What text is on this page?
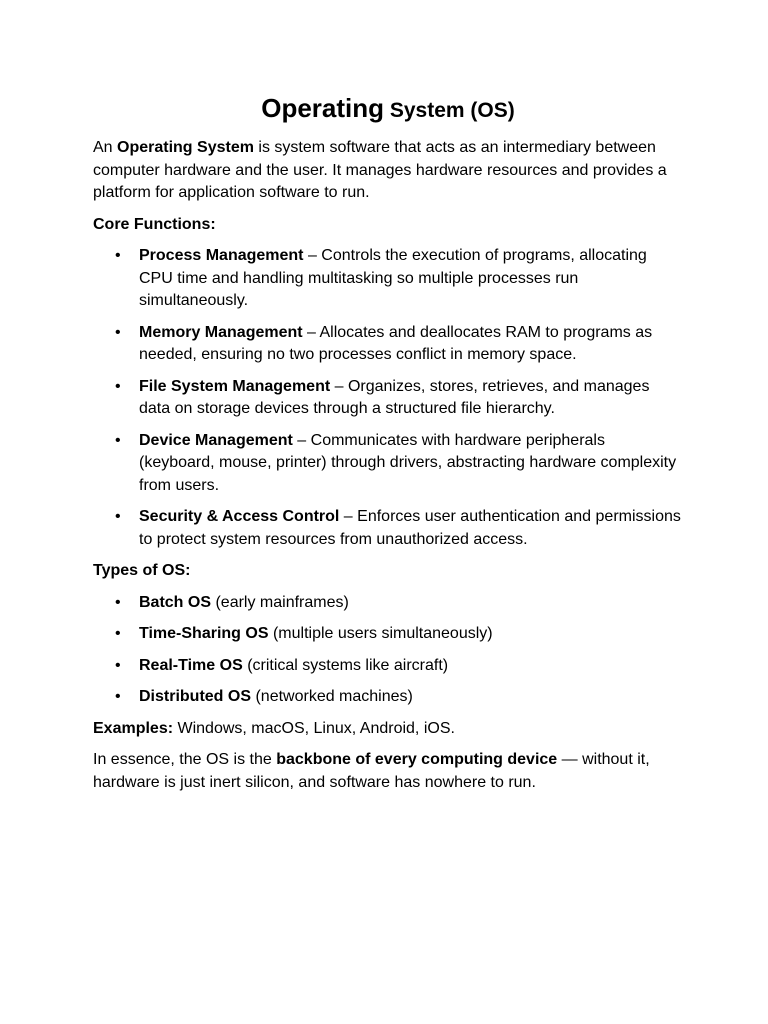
Operating System (OS)

An Operating System is system software that acts as an intermediary between computer hardware and the user. It manages hardware resources and provides a platform for application software to run.

Core Functions:
• Process Management – Controls the execution of programs, allocating CPU time and handling multitasking so multiple processes run simultaneously.
• Memory Management – Allocates and deallocates RAM to programs as needed, ensuring no two processes conflict in memory space.
• File System Management – Organizes, stores, retrieves, and manages data on storage devices through a structured file hierarchy.
• Device Management – Communicates with hardware peripherals (keyboard, mouse, printer) through drivers, abstracting hardware complexity from users.
• Security & Access Control – Enforces user authentication and permissions to protect system resources from unauthorized access.
Types of OS:
• Batch OS (early mainframes)
• Time-Sharing OS (multiple users simultaneously)
• Real-Time OS (critical systems like aircraft)
• Distributed OS (networked machines)

Examples: Windows, macOS, Linux, Android, iOS.

In essence, the OS is the backbone of every computing device — without it, hardware is just inert silicon, and software has nowhere to run.
